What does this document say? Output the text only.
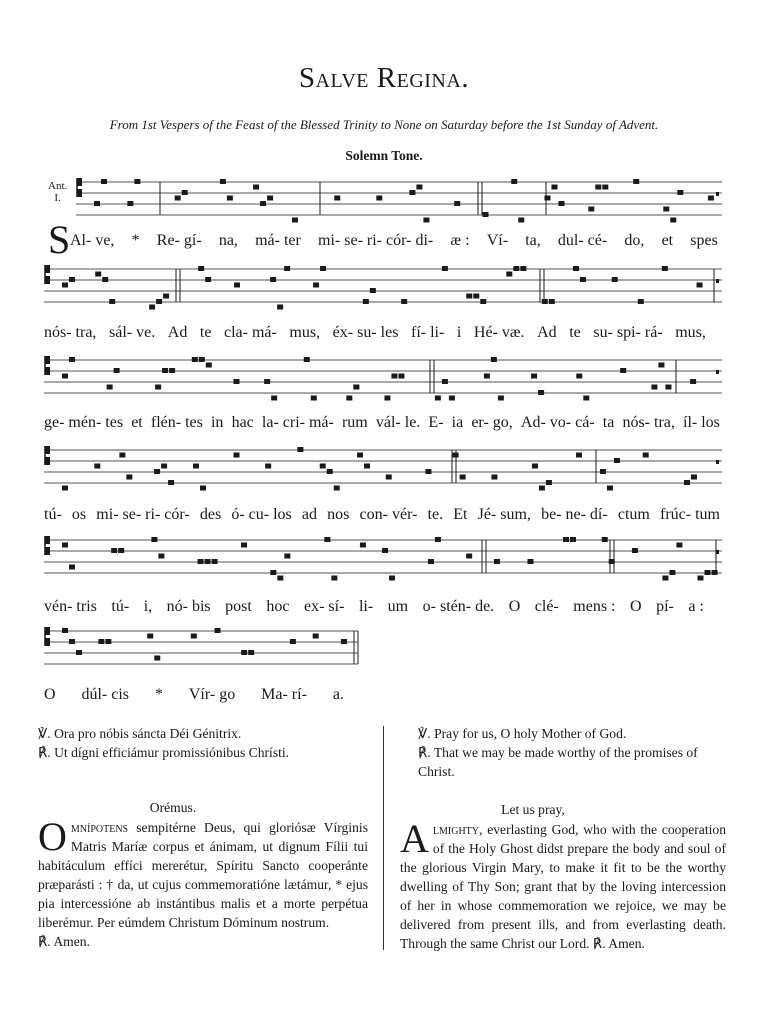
Salve Regina.
From 1st Vespers of the Feast of the Blessed Trinity to None on Saturday before the 1st Sunday of Advent.
Solemn Tone.
Ant.
I.
S Al- ve, * Re- gí- na, má- ter mi- se- ri- cór- di- æ : Ví- ta, dul- cé- do, et spes
nós- tra, sál- ve. Ad te cla- má- mus, éx- su- les fí- li- i Hé- væ. Ad te su- spi- rá- mus,
ge- mén- tes et flén- tes in hac la- cri- má- rum vál- le. E- ia er- go, Ad- vo- cá- ta nós- tra, íl- los
tú- os mi- se- ri- cór- des ó- cu- los ad nos con- vér- te. Et Jé- sum, be- ne- dí- ctum frúc- tum
vén- tris tú- i, nó- bis post hoc ex- sí- li- um o- stén- de. O clé- mens : O pí- a :
O dúl- cis * Vír- go Ma- rí- a.
℣. Ora pro nóbis sáncta Déi Génitrix.
℟. Ut dígni efficiámur promissiónibus Chrísti.
Orémus.
Omnípotens sempitérne Deus, qui gloriósæ Vírginis Matris Maríæ corpus et ánimam, ut dignum Fílii tui habitáculum effíci mererétur, Spíritu Sancto cooperánte præparásti : † da, ut cujus commemoratióne lætámur, * ejus pia intercessióne ab instántibus malis et a morte perpétua liberémur. Per eúmdem Christum Dóminum nostrum.
℟. Amen.
℣. Pray for us, O holy Mother of God.
℟. That we may be made worthy of the promises of Christ.
Let us pray,
Almighty, everlasting God, who with the cooperation of the Holy Ghost didst prepare the body and soul of the glorious Virgin Mary, to make it fit to be the worthy dwelling of Thy Son; grant that by the loving intercession of her in whose commemoration we rejoice, we may be delivered from present ills, and from everlasting death. Through the same Christ our Lord. ℟. Amen.
